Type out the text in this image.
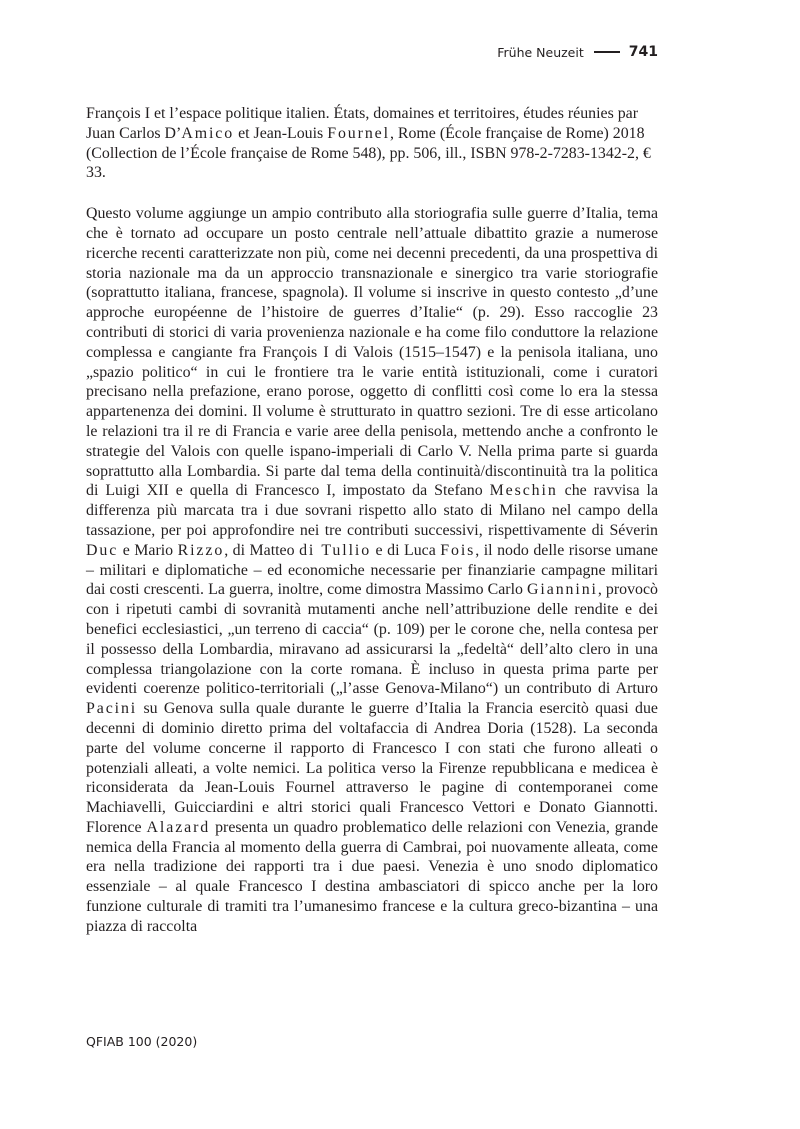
Frühe Neuzeit	741

François I et l’espace politique italien. États, domaines et territoires, études réunies par Juan Carlos D’Amico et Jean-Louis Fournel, Rome (École française de Rome) 2018 (Collection de l’École française de Rome 548), pp. 506, ill., ISBN 978-2-7283-1342-2, € 33.

Questo volume aggiunge un ampio contributo alla storiografia sulle guerre d’Italia, tema che è tornato ad occupare un posto centrale nell’attuale dibattito grazie a numerose ricerche recenti caratterizzate non più, come nei decenni precedenti, da una prospettiva di storia nazionale ma da un approccio transnazionale e sinergico tra varie storiografie (soprattutto italiana, francese, spagnola). Il volume si inscrive in questo contesto „d’une approche européenne de l’histoire de guerres d’Italie“ (p. 29). Esso raccoglie 23 contributi di storici di varia provenienza nazionale e ha come filo conduttore la relazione complessa e cangiante fra François I di Valois (1515–1547) e la penisola italiana, uno „spazio politico“ in cui le frontiere tra le varie entità istituzionali, come i curatori precisano nella prefazione, erano porose, oggetto di conflitti così come lo era la stessa appartenenza dei domini. Il volume è strutturato in quattro sezioni. Tre di esse articolano le relazioni tra il re di Francia e varie aree della penisola, mettendo anche a confronto le strategie del Valois con quelle ispano-imperiali di Carlo V. Nella prima parte si guarda soprattutto alla Lombardia. Si parte dal tema della continuità/discontinuità tra la politica di Luigi XII e quella di Francesco I, impostato da Stefano Meschin che ravvisa la differenza più marcata tra i due sovrani rispetto allo stato di Milano nel campo della tassazione, per poi approfondire nei tre contributi successivi, rispettivamente di Séverin Duc e Mario Rizzo, di Matteo di Tullio e di Luca Fois, il nodo delle risorse umane – militari e diplomatiche – ed economiche necessarie per finanziarie campagne militari dai costi crescenti. La guerra, inoltre, come dimostra Massimo Carlo Giannini, provocò con i ripetuti cambi di sovranità mutamenti anche nell’attribuzione delle rendite e dei benefici ecclesiastici, „un terreno di caccia“ (p. 109) per le corone che, nella contesa per il possesso della Lombardia, miravano ad assicurarsi la „fedeltà“ dell’alto clero in una complessa triangolazione con la corte romana. È incluso in questa prima parte per evidenti coerenze politico-territoriali („l’asse Genova-Milano“) un contributo di Arturo Pacini su Genova sulla quale durante le guerre d’Italia la Francia esercitò quasi due decenni di dominio diretto prima del voltafaccia di Andrea Doria (1528). La seconda parte del volume concerne il rapporto di Francesco I con stati che furono alleati o potenziali alleati, a volte nemici. La politica verso la Firenze repubblicana e medicea è riconsiderata da Jean-Louis Fournel attraverso le pagine di contemporanei come Machiavelli, Guicciardini e altri storici quali Francesco Vettori e Donato Giannotti. Florence Alazard presenta un quadro problematico delle relazioni con Venezia, grande nemica della Francia al momento della guerra di Cambrai, poi nuovamente alleata, come era nella tradizione dei rapporti tra i due paesi. Venezia è uno snodo diplomatico essenziale – al quale Francesco I destina ambasciatori di spicco anche per la loro funzione culturale di tramiti tra l’umanesimo francese e la cultura greco-bizantina – una piazza di raccolta

QFIAB 100 (2020)
